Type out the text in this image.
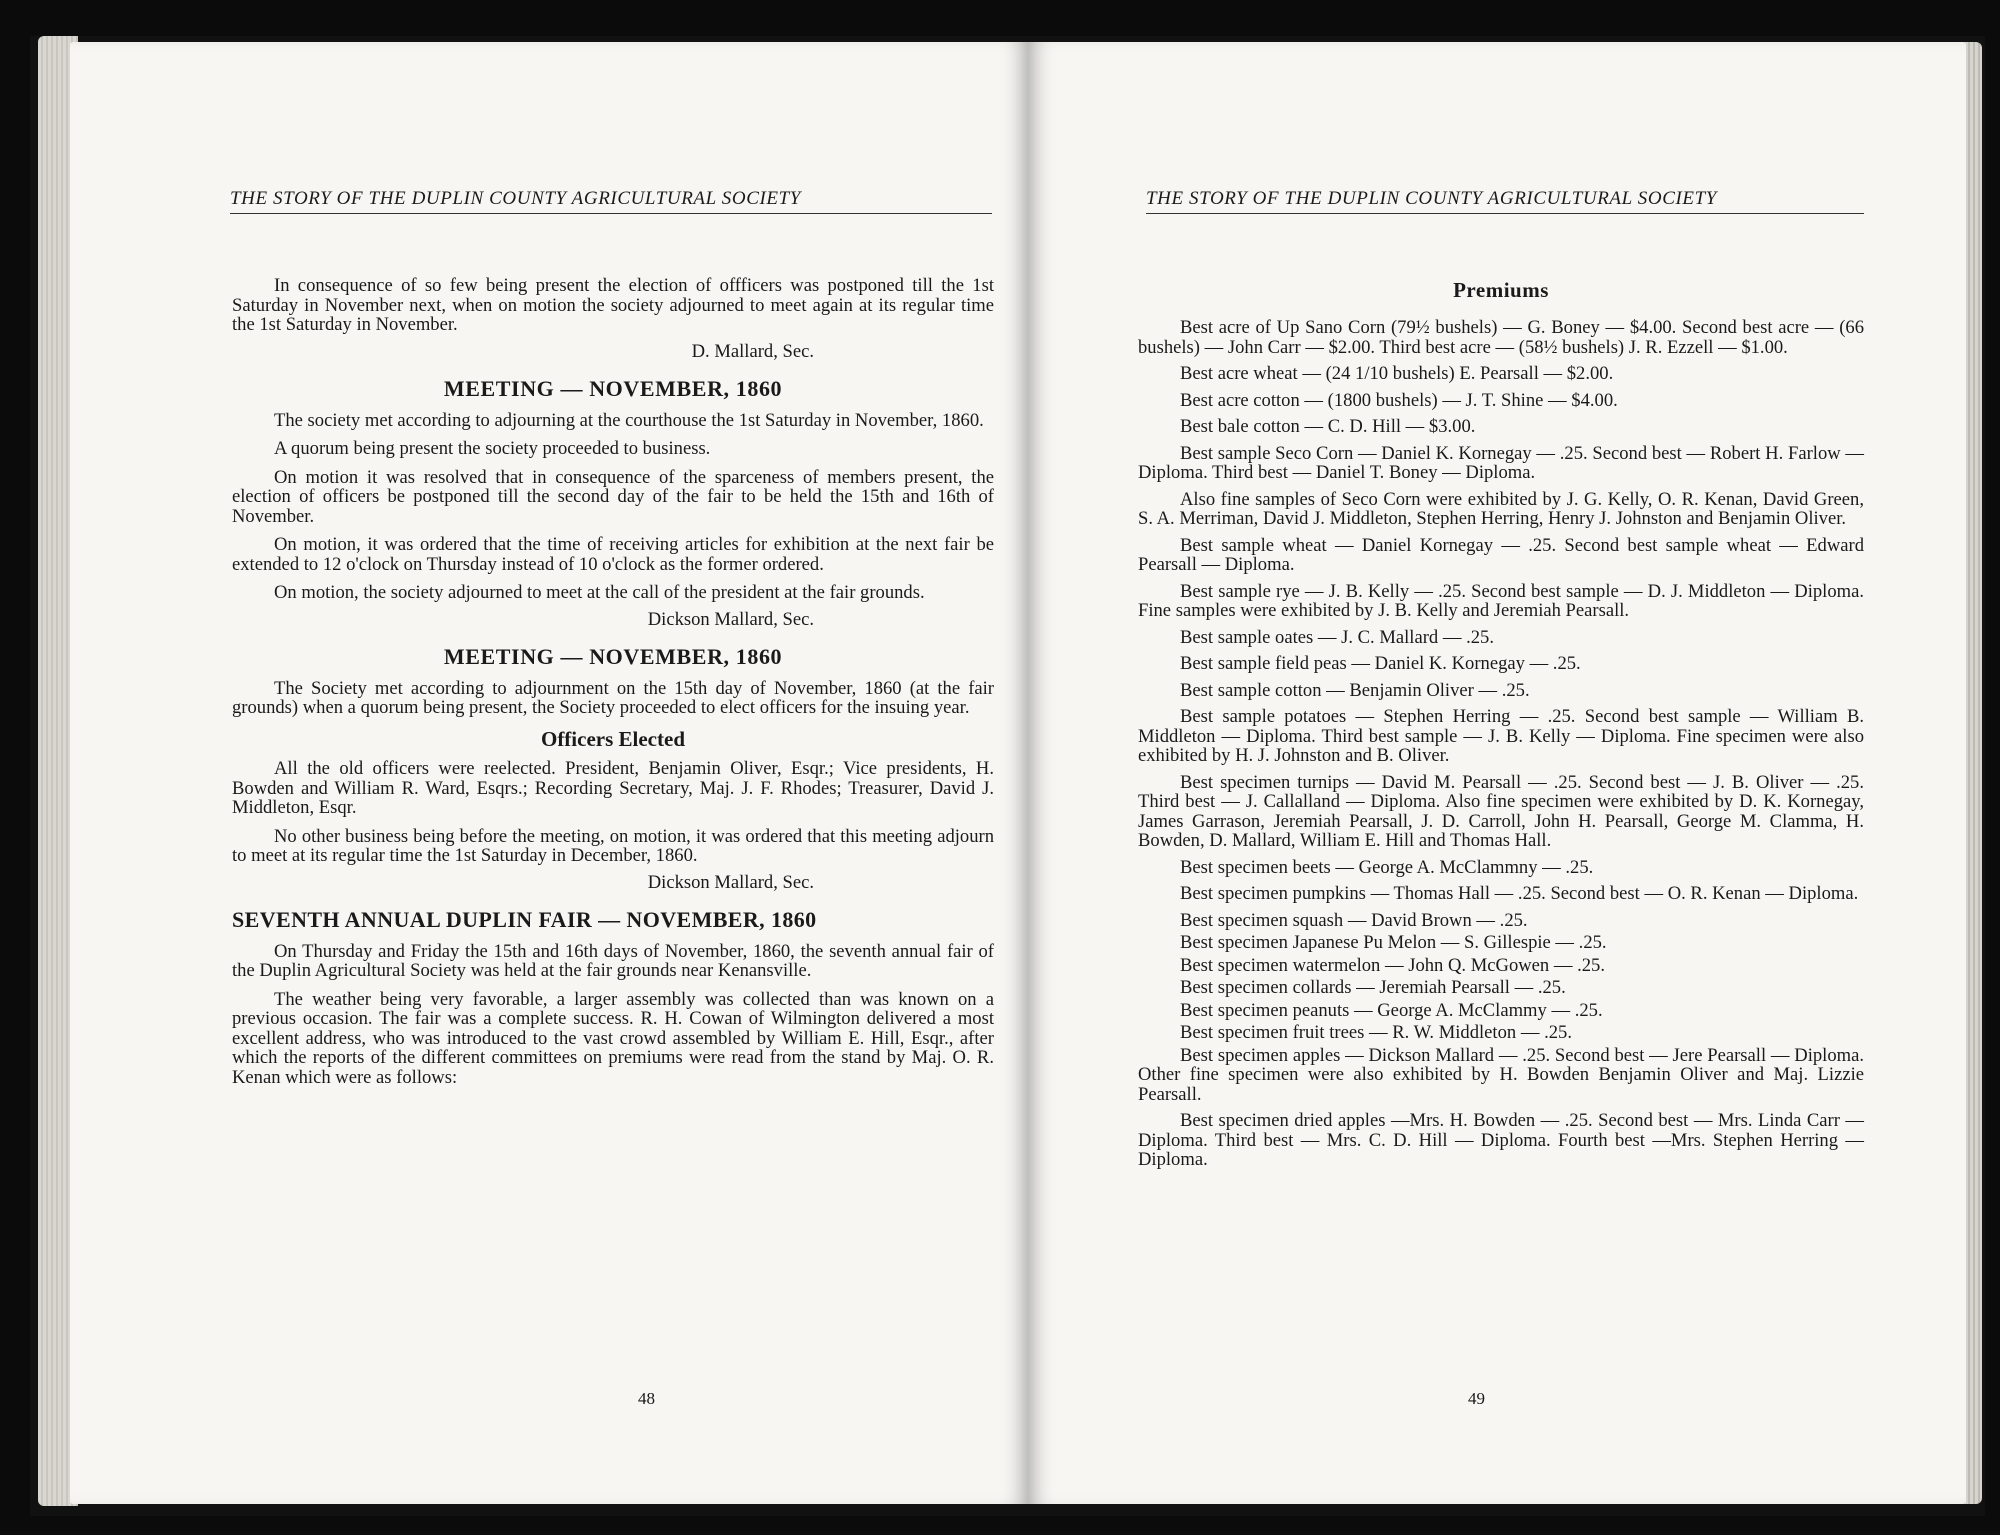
THE STORY OF THE DUPLIN COUNTY AGRICULTURAL SOCIETY

In consequence of so few being present the election of offficers was postponed till the 1st Saturday in November next, when on motion the society adjourned to meet again at its regular time the 1st Saturday in November.

D. Mallard, Sec.

MEETING — NOVEMBER, 1860

The society met according to adjourning at the courthouse the 1st Saturday in November, 1860.

A quorum being present the society proceeded to business.

On motion it was resolved that in consequence of the sparceness of members present, the election of officers be postponed till the second day of the fair to be held the 15th and 16th of November.

On motion, it was ordered that the time of receiving articles for exhibition at the next fair be extended to 12 o'clock on Thursday instead of 10 o'clock as the former ordered.

On motion, the society adjourned to meet at the call of the president at the fair grounds.

Dickson Mallard, Sec.

MEETING — NOVEMBER, 1860

The Society met according to adjournment on the 15th day of November, 1860 (at the fair grounds) when a quorum being present, the Society proceeded to elect officers for the insuing year.

Officers Elected

All the old officers were reelected. President, Benjamin Oliver, Esqr.; Vice presidents, H. Bowden and William R. Ward, Esqrs.; Recording Secretary, Maj. J. F. Rhodes; Treasurer, David J. Middleton, Esqr.

No other business being before the meeting, on motion, it was ordered that this meeting adjourn to meet at its regular time the 1st Saturday in December, 1860.

Dickson Mallard, Sec.

SEVENTH ANNUAL DUPLIN FAIR — NOVEMBER, 1860

On Thursday and Friday the 15th and 16th days of November, 1860, the seventh annual fair of the Duplin Agricultural Society was held at the fair grounds near Kenansville.

The weather being very favorable, a larger assembly was collected than was known on a previous occasion. The fair was a complete success. R. H. Cowan of Wilmington delivered a most excellent address, who was introduced to the vast crowd assembled by William E. Hill, Esqr., after which the reports of the different committees on premiums were read from the stand by Maj. O. R. Kenan which were as follows:

48
THE STORY OF THE DUPLIN COUNTY AGRICULTURAL SOCIETY
Premiums

Best acre of Up Sano Corn (79½ bushels) — G. Boney — $4.00. Second best acre — (66 bushels) — John Carr — $2.00. Third best acre — (58½ bushels) J. R. Ezzell — $1.00.

Best acre wheat — (24 1/10 bushels) E. Pearsall — $2.00.

Best acre cotton — (1800 bushels) — J. T. Shine — $4.00.

Best bale cotton — C. D. Hill — $3.00.

Best sample Seco Corn — Daniel K. Kornegay — .25. Second best — Robert H. Farlow — Diploma. Third best — Daniel T. Boney — Diploma.

Also fine samples of Seco Corn were exhibited by J. G. Kelly, O. R. Kenan, David Green, S. A. Merriman, David J. Middleton, Stephen Herring, Henry J. Johnston and Benjamin Oliver.

Best sample wheat — Daniel Kornegay — .25. Second best sample wheat — Edward Pearsall — Diploma.

Best sample rye — J. B. Kelly — .25. Second best sample — D. J. Middleton — Diploma. Fine samples were exhibited by J. B. Kelly and Jeremiah Pearsall.

Best sample oates — J. C. Mallard — .25.

Best sample field peas — Daniel K. Kornegay — .25.

Best sample cotton — Benjamin Oliver — .25.

Best sample potatoes — Stephen Herring — .25. Second best sample — William B. Middleton — Diploma. Third best sample — J. B. Kelly — Diploma. Fine specimen were also exhibited by H. J. Johnston and B. Oliver.

Best specimen turnips — David M. Pearsall — .25. Second best — J. B. Oliver — .25. Third best — J. Callalland — Diploma. Also fine specimen were exhibited by D. K. Kornegay, James Garrason, Jeremiah Pearsall, J. D. Carroll, John H. Pearsall, George M. Clamma, H. Bowden, D. Mallard, William E. Hill and Thomas Hall.

Best specimen beets — George A. McClammny — .25.

Best specimen pumpkins — Thomas Hall — .25. Second best — O. R. Kenan — Diploma.

Best specimen squash — David Brown — .25.

Best specimen Japanese Pu Melon — S. Gillespie — .25.

Best specimen watermelon — John Q. McGowen — .25.

Best specimen collards — Jeremiah Pearsall — .25.

Best specimen peanuts — George A. McClammy — .25.

Best specimen fruit trees — R. W. Middleton — .25.

Best specimen apples — Dickson Mallard — .25. Second best — Jere Pearsall — Diploma. Other fine specimen were also exhibited by H. Bowden Benjamin Oliver and Maj. Lizzie Pearsall.

Best specimen dried apples —Mrs. H. Bowden — .25. Second best — Mrs. Linda Carr — Diploma. Third best — Mrs. C. D. Hill — Diploma. Fourth best —Mrs. Stephen Herring — Diploma.

49
